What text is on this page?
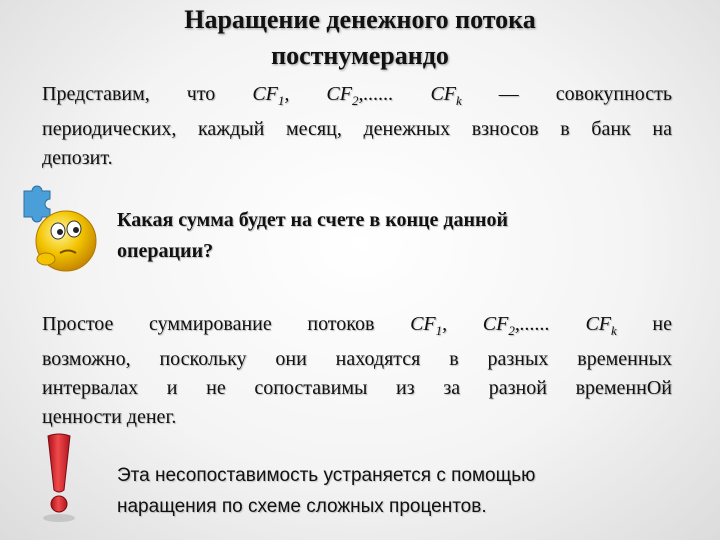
Наращение денежного потока
постнумерандо

Представим, что $CF_1$, $CF_2$,...... $CF_k$ — совокупность
периодических, каждый месяц, денежных взносов в банк на
депозит.

Какая сумма будет на счете в конце данной
операции?

Простое суммирование потоков $CF_1$, $CF_2$,...... $CF_k$ не
возможно, поскольку они находятся в разных временных
интервалах и не сопоставимы из за разной временнОй
ценности денег.

Эта несопоставимость устраняется с помощью
наращения по схеме сложных процентов.
